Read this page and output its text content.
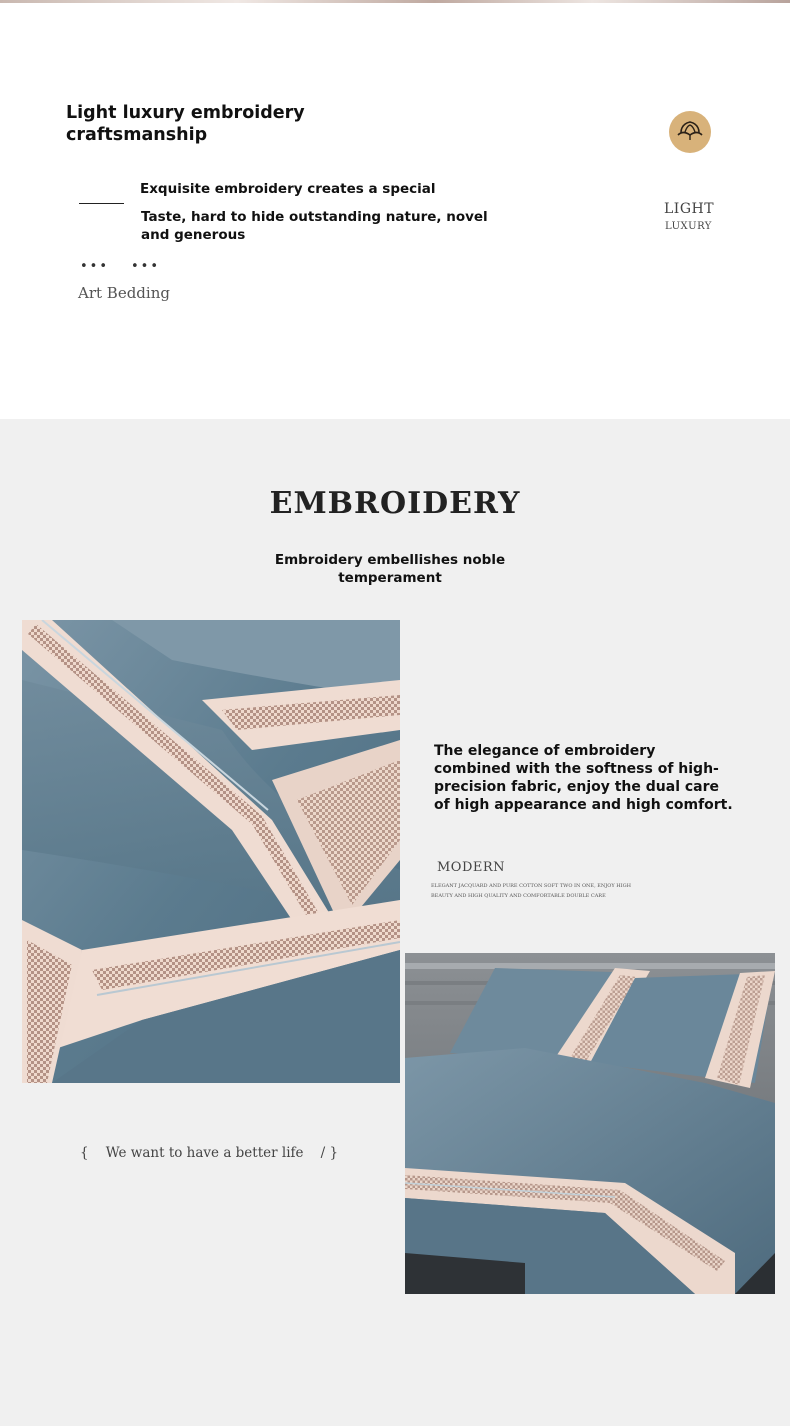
Light luxury embroidery craftsmanship
Exquisite embroidery creates a special
Taste, hard to hide outstanding nature, novel and generous
••• •••
Art Bedding
LIGHT
LUXURY
EMBROIDERY
Embroidery embellishes noble temperament
The elegance of embroidery combined with the softness of high-precision fabric, enjoy the dual care of high appearance and high comfort.
MODERN
ELEGANT JACQUARD AND PURE COTTON SOFT TWO IN ONE, ENJOY HIGH BEAUTY AND HIGH QUALITY AND COMFORTABLE DOUBLE CARE
{    We want to have a better life    / }
